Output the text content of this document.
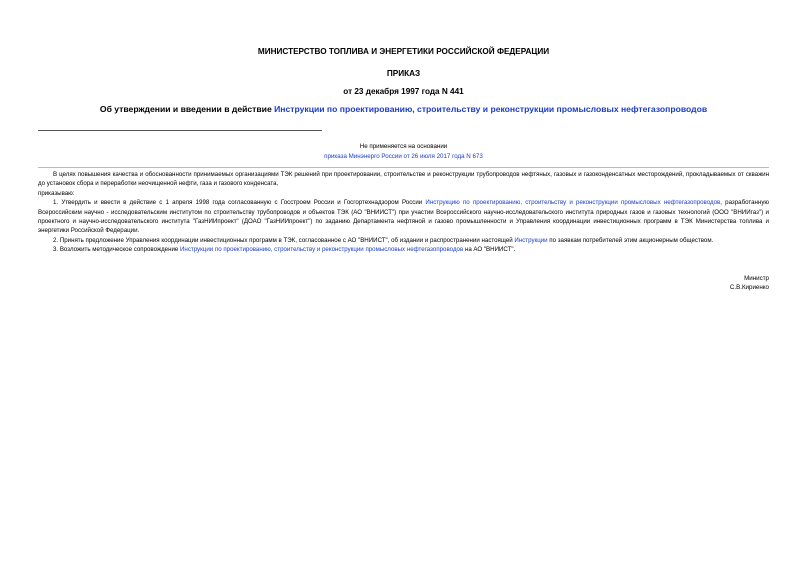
МИНИСТЕРСТВО ТОПЛИВА И ЭНЕРГЕТИКИ РОССИЙСКОЙ ФЕДЕРАЦИИ
ПРИКАЗ
от 23 декабря 1997 года N 441
Об утверждении и введении в действие Инструкции по проектированию, строительству и реконструкции промысловых нефтегазопроводов
Не применяется на основании
приказа Минэнерго России от 26 июля 2017 года N 673

В целях повышения качества и обоснованности принимаемых организациями ТЭК решений при проектировании, строительстве и реконструкции трубопроводов нефтяных, газовых и газоконденсатных месторождений, прокладываемых от скважин до установок сбора и переработки неочищенной нефти, газа и газового конденсата,

приказываю:

1. Утвердить и ввести в действие с 1 апреля 1998 года согласованную с Госстроем России и Госгортехнадзором России Инструкцию по проектированию, строительству и реконструкции промысловых нефтегазопроводов, разработанную Всероссийским научно - исследовательским институтом по строительству трубопроводов и объектов ТЭК (АО "ВНИИСТ") при участии Всероссийского научно-исследовательского института природных газов и газовых технологий (ООО "ВНИИгаз") и проектного и научно-исследовательского института "ГазНИИпроект" (ДОАО "ГазНИИпроект") по заданию Департамента нефтяной и газово промышленности и Управления координации инвестиционных программ в ТЭК Министерства топлива и энергетики Российской Федерации.

2. Принять предложение Управления координации инвестиционных программ в ТЭК, согласованное с АО "ВНИИСТ", об издании и распространении настоящей Инструкции по заявкам потребителей этим акционерным обществом.

3. Возложить методическое сопровождение Инструкции по проектированию, строительству и реконструкции промысловых нефтегазопроводов на АО "ВНИИСТ".

Министр
С.В.Кириенко
